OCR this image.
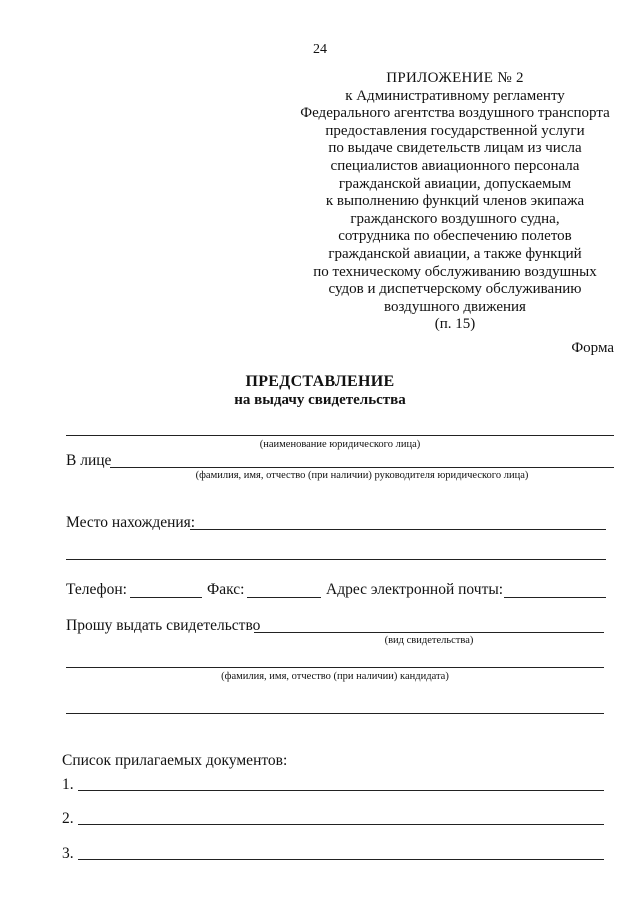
24
ПРИЛОЖЕНИЕ № 2
к Административному регламенту
Федерального агентства воздушного транспорта
предоставления государственной услуги
по выдаче свидетельств лицам из числа
специалистов авиационного персонала
гражданской авиации, допускаемым
к выполнению функций членов экипажа
гражданского воздушного судна,
сотрудника по обеспечению полетов
гражданской авиации, а также функций
по техническому обслуживанию воздушных
судов и диспетчерскому обслуживанию
воздушного движения
(п. 15)
Форма
ПРЕДСТАВЛЕНИЕ
на выдачу свидетельства
(наименование юридического лица)
В лице
(фамилия, имя, отчество (при наличии) руководителя юридического лица)
Место нахождения:
Телефон:	Факс:	Адрес электронной почты:
Прошу выдать свидетельство
(вид свидетельства)
(фамилия, имя, отчество (при наличии) кандидата)
Список прилагаемых документов:
1.
2.
3.
